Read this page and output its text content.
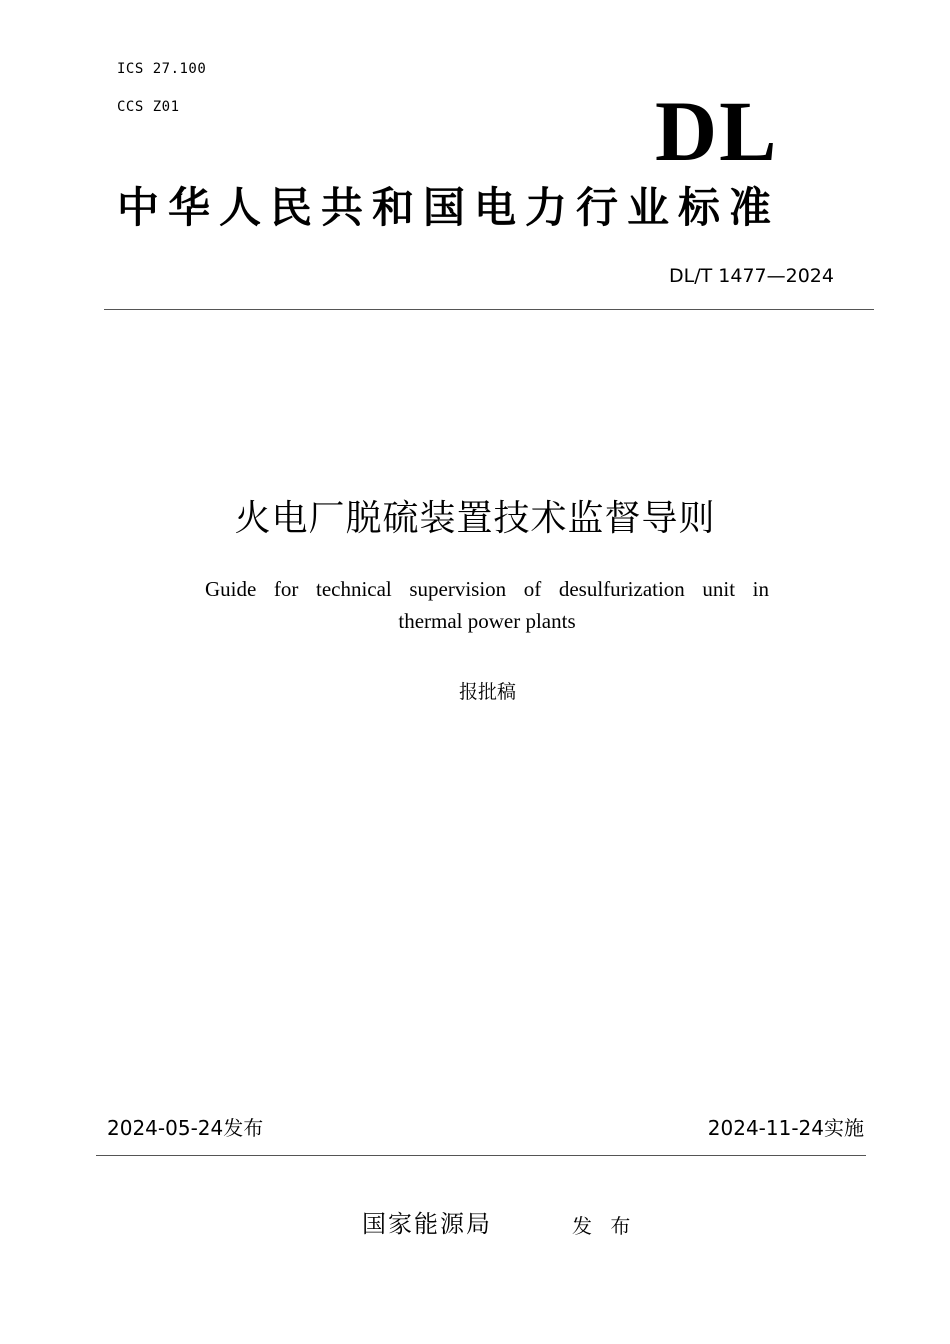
ICS 27.100
CCS Z01	DL
中华人民共和国电力行业标准
DL/T 1477—2024
火电厂脱硫装置技术监督导则
Guide for technical supervision of desulfurization unit in
thermal power plants
报批稿
2024-05-24发布	2024-11-24实施
国家能源局	发 布
